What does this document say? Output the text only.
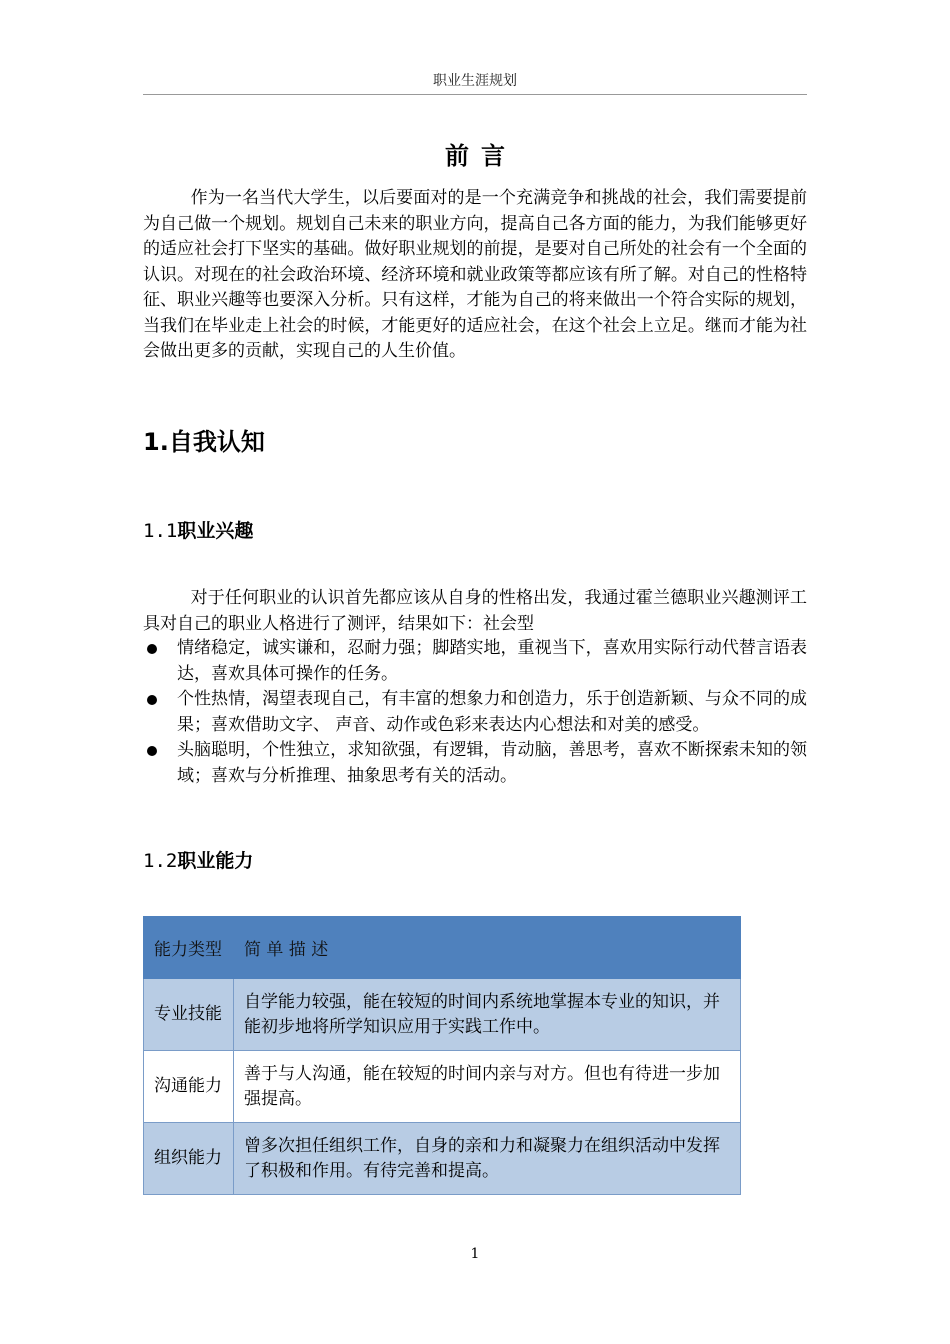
职业生涯规划
前言

作为一名当代大学生，以后要面对的是一个充满竞争和挑战的社会，我们需要提前为自己做一个规划。规划自己未来的职业方向，提高自己各方面的能力，为我们能够更好的适应社会打下坚实的基础。做好职业规划的前提，是要对自己所处的社会有一个全面的认识。对现在的社会政治环境、经济环境和就业政策等都应该有所了解。对自己的性格特征、职业兴趣等也要深入分析。只有这样，才能为自己的将来做出一个符合实际的规划，当我们在毕业走上社会的时候，才能更好的适应社会，在这个社会上立足。继而才能为社会做出更多的贡献，实现自己的人生价值。

1.自我认知
1.1职业兴趣

对于任何职业的认识首先都应该从自身的性格出发，我通过霍兰德职业兴趣测评工具对自己的职业人格进行了测评，结果如下：社会型

情绪稳定，诚实谦和，忍耐力强；脚踏实地，重视当下，喜欢用实际行动代替言语表达，喜欢具体可操作的任务。
个性热情，渴望表现自己，有丰富的想象力和创造力，乐于创造新颖、与众不同的成果；喜欢借助文字、 声音、动作或色彩来表达内心想法和对美的感受。
头脑聪明，个性独立，求知欲强，有逻辑，肯动脑，善思考，喜欢不断探索未知的领域；喜欢与分析推理、抽象思考有关的活动。
1.2职业能力
能力类型	简 单 描 述
专业技能	自学能力较强，能在较短的时间内系统地掌握本专业的知识，并能初步地将所学知识应用于实践工作中。
沟通能力	善于与人沟通，能在较短的时间内亲与对方。但也有待进一步加强提高。
组织能力	曾多次担任组织工作，自身的亲和力和凝聚力在组织活动中发挥了积极和作用。有待完善和提高。
1
